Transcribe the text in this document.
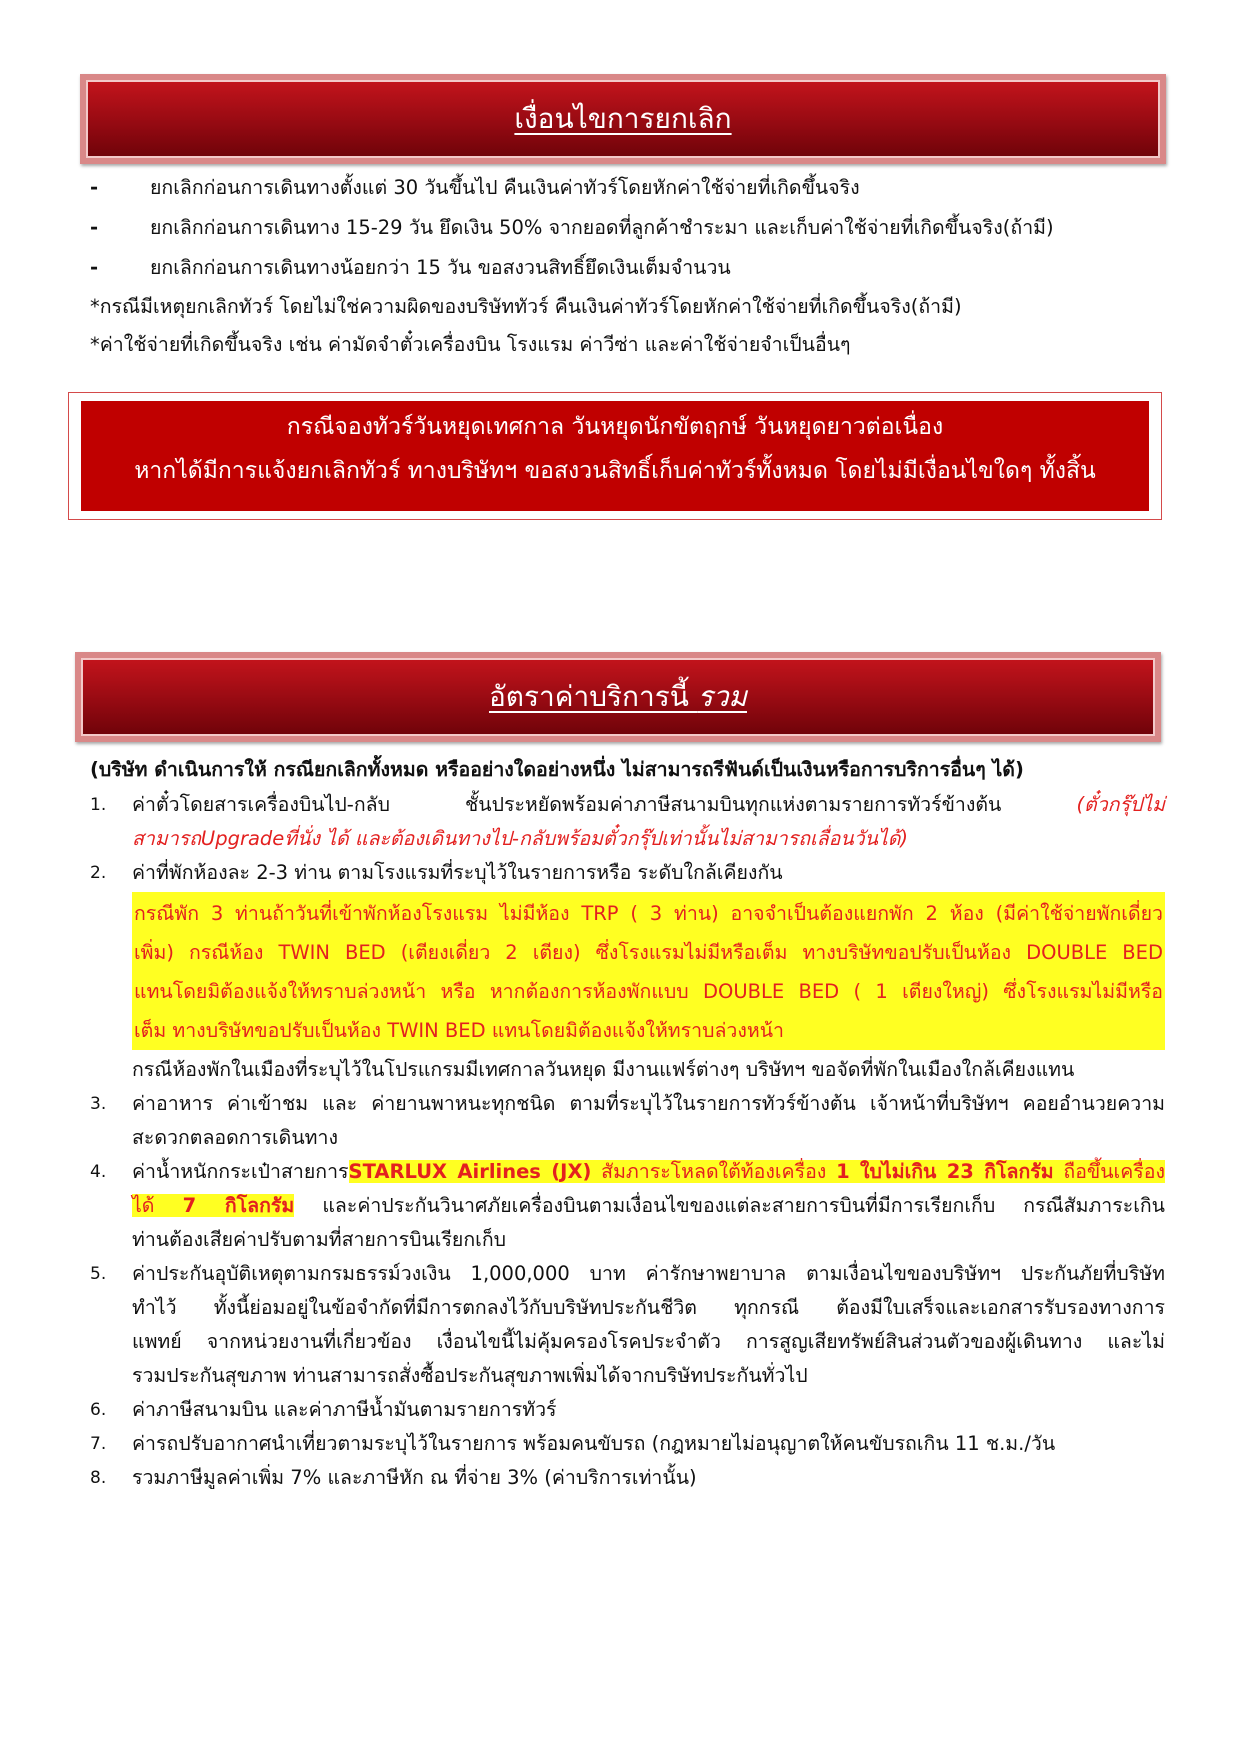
เงื่อนไขการยกเลิก
-	ยกเลิกก่อนการเดินทางตั้งแต่ 30 วันขึ้นไป คืนเงินค่าทัวร์โดยหักค่าใช้จ่ายที่เกิดขึ้นจริง
-	ยกเลิกก่อนการเดินทาง 15-29 วัน ยึดเงิน 50% จากยอดที่ลูกค้าชำระมา และเก็บค่าใช้จ่ายที่เกิดขึ้นจริง(ถ้ามี)
-	ยกเลิกก่อนการเดินทางน้อยกว่า 15 วัน ขอสงวนสิทธิ์ยึดเงินเต็มจำนวน
*กรณีมีเหตุยกเลิกทัวร์ โดยไม่ใช่ความผิดของบริษัททัวร์ คืนเงินค่าทัวร์โดยหักค่าใช้จ่ายที่เกิดขึ้นจริง(ถ้ามี)
*ค่าใช้จ่ายที่เกิดขึ้นจริง เช่น ค่ามัดจำตั๋วเครื่องบิน โรงแรม ค่าวีซ่า และค่าใช้จ่ายจำเป็นอื่นๆ
กรณีจองทัวร์วันหยุดเทศกาล วันหยุดนักขัตฤกษ์ วันหยุดยาวต่อเนื่อง
หากได้มีการแจ้งยกเลิกทัวร์ ทางบริษัทฯ ขอสงวนสิทธิ์เก็บค่าทัวร์ทั้งหมด โดยไม่มีเงื่อนไขใดๆ ทั้งสิ้น
อัตราค่าบริการนี้ รวม
(บริษัท ดำเนินการให้ กรณียกเลิกทั้งหมด หรืออย่างใดอย่างหนึ่ง ไม่สามารถรีฟันด์เป็นเงินหรือการบริการอื่นๆ ได้)
1.	ค่าตั๋วโดยสารเครื่องบินไป-กลับ ชั้นประหยัดพร้อมค่าภาษีสนามบินทุกแห่งตามรายการทัวร์ข้างต้น (ตั๋วกรุ๊ปไม่
สามารถUpgradeที่นั่ง ได้ และต้องเดินทางไป-กลับพร้อมตั๋วกรุ๊ปเท่านั้นไม่สามารถเลื่อนวันได้)
2.	ค่าที่พักห้องละ 2-3 ท่าน ตามโรงแรมที่ระบุไว้ในรายการหรือ ระดับใกล้เคียงกัน
กรณีพัก 3 ท่านถ้าวันที่เข้าพักห้องโรงแรม ไม่มีห้อง TRP ( 3 ท่าน) อาจจำเป็นต้องแยกพัก 2 ห้อง (มีค่าใช้จ่ายพักเดี่ยว
เพิ่ม) กรณีห้อง TWIN BED (เตียงเดี่ยว 2 เตียง) ซึ่งโรงแรมไม่มีหรือเต็ม ทางบริษัทขอปรับเป็นห้อง DOUBLE BED
แทนโดยมิต้องแจ้งให้ทราบล่วงหน้า หรือ หากต้องการห้องพักแบบ DOUBLE BED ( 1 เตียงใหญ่) ซึ่งโรงแรมไม่มีหรือ
เต็ม ทางบริษัทขอปรับเป็นห้อง TWIN BED แทนโดยมิต้องแจ้งให้ทราบล่วงหน้า
กรณีห้องพักในเมืองที่ระบุไว้ในโปรแกรมมีเทศกาลวันหยุด มีงานแฟร์ต่างๆ บริษัทฯ ขอจัดที่พักในเมืองใกล้เคียงแทน
3.	ค่าอาหาร ค่าเข้าชม และ ค่ายานพาหนะทุกชนิด ตามที่ระบุไว้ในรายการทัวร์ข้างต้น เจ้าหน้าที่บริษัทฯ คอยอำนวยความ
สะดวกตลอดการเดินทาง
4.	ค่าน้ำหนักกระเป๋าสายการSTARLUX Airlines (JX) สัมภาระโหลดใต้ท้องเครื่อง 1 ใบไม่เกิน 23 กิโลกรัม ถือขึ้นเครื่อง
ได้ 7 กิโลกรัม และค่าประกันวินาศภัยเครื่องบินตามเงื่อนไขของแต่ละสายการบินที่มีการเรียกเก็บ กรณีสัมภาระเกิน
ท่านต้องเสียค่าปรับตามที่สายการบินเรียกเก็บ
5.	ค่าประกันอุบัติเหตุตามกรมธรรม์วงเงิน 1,000,000 บาท ค่ารักษาพยาบาล ตามเงื่อนไขของบริษัทฯ ประกันภัยที่บริษัท
ทำไว้ ทั้งนี้ย่อมอยู่ในข้อจำกัดที่มีการตกลงไว้กับบริษัทประกันชีวิต ทุกกรณี ต้องมีใบเสร็จและเอกสารรับรองทางการ
แพทย์ จากหน่วยงานที่เกี่ยวข้อง เงื่อนไขนี้ไม่คุ้มครองโรคประจำตัว การสูญเสียทรัพย์สินส่วนตัวของผู้เดินทาง และไม่
รวมประกันสุขภาพ ท่านสามารถสั่งซื้อประกันสุขภาพเพิ่มได้จากบริษัทประกันทั่วไป
6.	ค่าภาษีสนามบิน และค่าภาษีน้ำมันตามรายการทัวร์
7.	ค่ารถปรับอากาศนำเที่ยวตามระบุไว้ในรายการ พร้อมคนขับรถ (กฎหมายไม่อนุญาตให้คนขับรถเกิน 11 ช.ม./วัน
8.	รวมภาษีมูลค่าเพิ่ม 7% และภาษีหัก ณ ที่จ่าย 3% (ค่าบริการเท่านั้น)
